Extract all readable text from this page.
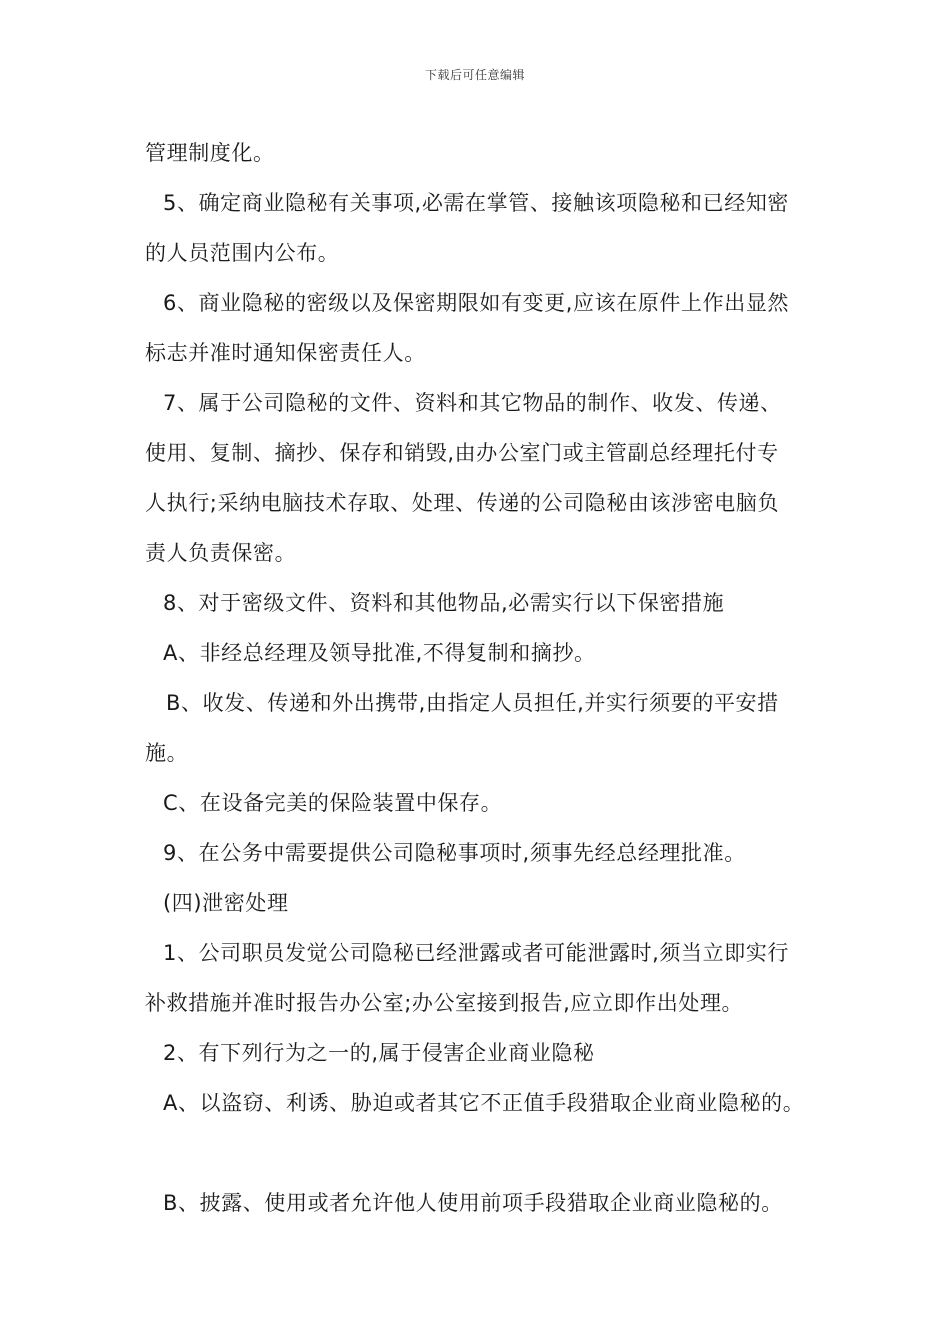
下载后可任意编辑
管理制度化。
5、确定商业隐秘有关事项,必需在掌管、接触该项隐秘和已经知密
的人员范围内公布。
6、商业隐秘的密级以及保密期限如有变更,应该在原件上作出显然
标志并准时通知保密责任人。
7、属于公司隐秘的文件、资料和其它物品的制作、收发、传递、
使用、复制、摘抄、保存和销毁,由办公室门或主管副总经理托付专
人执行;采纳电脑技术存取、处理、传递的公司隐秘由该涉密电脑负
责人负责保密。
8、对于密级文件、资料和其他物品,必需实行以下保密措施
A、非经总经理及领导批准,不得复制和摘抄。
B、收发、传递和外出携带,由指定人员担任,并实行须要的平安措
施。
C、在设备完美的保险装置中保存。
9、在公务中需要提供公司隐秘事项时,须事先经总经理批准。
(四)泄密处理
1、公司职员发觉公司隐秘已经泄露或者可能泄露时,须当立即实行
补救措施并准时报告办公室;办公室接到报告,应立即作出处理。
2、有下列行为之一的,属于侵害企业商业隐秘
A、以盗窃、利诱、胁迫或者其它不正值手段猎取企业商业隐秘的。
B、披露、使用或者允许他人使用前项手段猎取企业商业隐秘的。
